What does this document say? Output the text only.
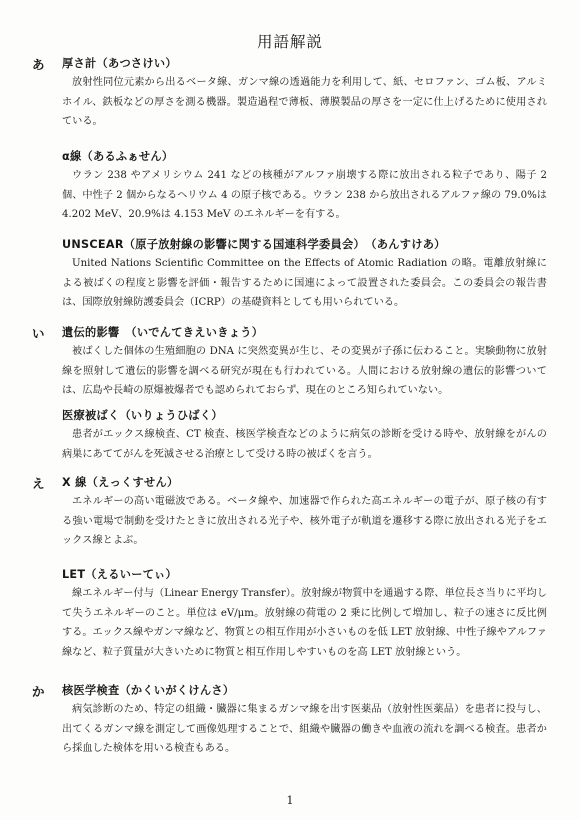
用語解説
あ 厚さ計（あつさけい）

放射性同位元素から出るベータ線、ガンマ線の透過能力を利用して、紙、セロファン、ゴム板、アルミホイル、鉄板などの厚さを測る機器。製造過程で薄板、薄膜製品の厚さを一定に仕上げるために使用されている。

α線（あるふぁせん）

ウラン 238 やアメリシウム 241 などの核種がアルファ崩壊する際に放出される粒子であり、陽子 2 個、中性子 2 個からなるヘリウム 4 の原子核である。ウラン 238 から放出されるアルファ線の 79.0%は 4.202 MeV、20.9%は 4.153 MeV のエネルギーを有する。

UNSCEAR（原子放射線の影響に関する国連科学委員会）　（あんすけあ）

United Nations Scientific Committee on the Effects of Atomic Radiation の略。電離放射線による被ばくの程度と影響を評価・報告するために国連によって設置された委員会。この委員会の報告書は、国際放射線防護委員会（ICRP）の基礎資料としても用いられている。

い 遺伝的影響　（いでんてきえいきょう）

被ばくした個体の生殖細胞の DNA に突然変異が生じ、その変異が子孫に伝わること。実験動物に放射線を照射して遺伝的影響を調べる研究が現在も行われている。人間における放射線の遺伝的影響ついては、広島や長崎の原爆被爆者でも認められておらず、現在のところ知られていない。

医療被ばく（いりょうひばく）

患者がエックス線検査、CT 検査、核医学検査などのように病気の診断を受ける時や、放射線をがんの病巣にあててがんを死滅させる治療として受ける時の被ばくを言う。

え X 線（えっくすせん）

エネルギーの高い電磁波である。ベータ線や、加速器で作られた高エネルギーの電子が、原子核の有する強い電場で制動を受けたときに放出される光子や、核外電子が軌道を遷移する際に放出される光子をエックス線とよぶ。

LET（えるいーてぃ）

線エネルギー付与（Linear Energy Transfer）。放射線が物質中を通過する際、単位長さ当りに平均して失うエネルギーのこと。単位は eV/μm。放射線の荷電の 2 乗に比例して増加し、粒子の速さに反比例する。エックス線やガンマ線など、物質との相互作用が小さいものを低 LET 放射線、中性子線やアルファ線など、粒子質量が大きいために物質と相互作用しやすいものを高 LET 放射線という。

か 核医学検査（かくいがくけんさ）

病気診断のため、特定の組織・臓器に集まるガンマ線を出す医薬品（放射性医薬品）を患者に投与し、出てくるガンマ線を測定して画像処理することで、組織や臓器の働きや血液の流れを調べる検査。患者から採血した検体を用いる検査もある。

1
